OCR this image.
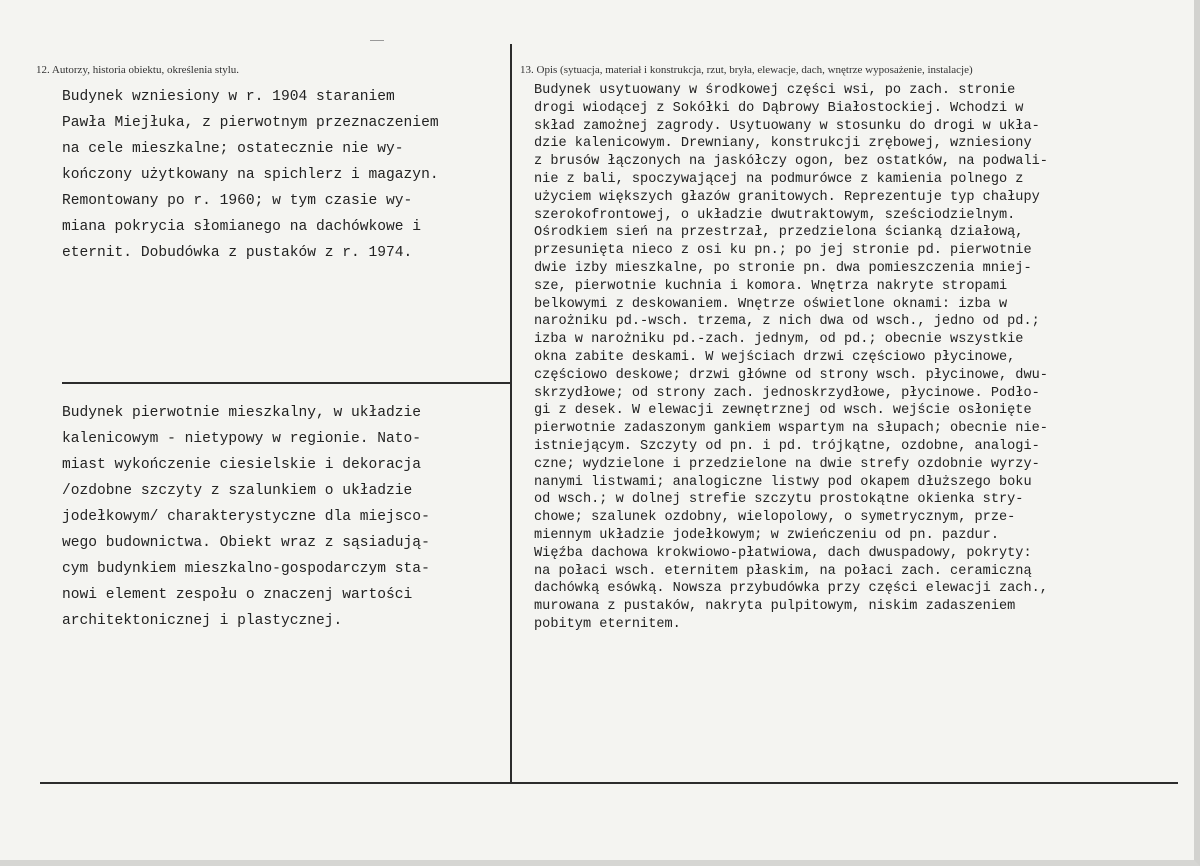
12. Autorzy, historia obiektu, określenia stylu.	13. Opis (sytuacja, materiał i konstrukcja, rzut, bryła, elewacje, dach, wnętrze wyposażenie, instalacje)
Budynek wzniesiony w r. 1904 staraniem
Pawła Miejłuka, z pierwotnym przeznaczeniem
na cele mieszkalne; ostatecznie nie wy-
kończony użytkowany na spichlerz i magazyn.
Remontowany po r. 1960; w tym czasie wy-
miana pokrycia słomianego na dachówkowe i
eternit. Dobudówka z pustaków z r. 1974.
Budynek pierwotnie mieszkalny, w układzie
kalenicowym - nietypowy w regionie. Nato-
miast wykończenie ciesielskie i dekoracja
/ozdobne szczyty z szalunkiem o układzie
jodełkowym/ charakterystyczne dla miejsco-
wego budownictwa. Obiekt wraz z sąsiadują-
cym budynkiem mieszkalno-gospodarczym sta-
nowi element zespołu o znaczenj wartości
architektonicznej i plastycznej.
Budynek usytuowany w środkowej części wsi, po zach. stronie
drogi wiodącej z Sokółki do Dąbrowy Białostockiej. Wchodzi w
skład zamożnej zagrody. Usytuowany w stosunku do drogi w ukła-
dzie kalenicowym. Drewniany, konstrukcji zrębowej, wzniesiony
z brusów łączonych na jaskółczy ogon, bez ostatków, na podwali-
nie z bali, spoczywającej na podmurówce z kamienia polnego z
użyciem większych głazów granitowych. Reprezentuje typ chałupy
szerokofrontowej, o układzie dwutraktowym, sześciodzielnym.
Ośrodkiem sień na przestrzał, przedzielona ścianką działową,
przesunięta nieco z osi ku pn.; po jej stronie pd. pierwotnie
dwie izby mieszkalne, po stronie pn. dwa pomieszczenia mniej-
sze, pierwotnie kuchnia i komora. Wnętrza nakryte stropami
belkowymi z deskowaniem. Wnętrze oświetlone oknami: izba w
narożniku pd.-wsch. trzema, z nich dwa od wsch., jedno od pd.;
izba w narożniku pd.-zach. jednym, od pd.; obecnie wszystkie
okna zabite deskami. W wejściach drzwi częściowo płycinowe,
częściowo deskowe; drzwi główne od strony wsch. płycinowe, dwu-
skrzydłowe; od strony zach. jednoskrzydłowe, płycinowe. Podło-
gi z desek. W elewacji zewnętrznej od wsch. wejście osłonięte
pierwotnie zadaszonym gankiem wspartym na słupach; obecnie nie-
istniejącym. Szczyty od pn. i pd. trójkątne, ozdobne, analogi-
czne; wydzielone i przedzielone na dwie strefy ozdobnie wyrzy-
nanymi listwami; analogiczne listwy pod okapem dłuższego boku
od wsch.; w dolnej strefie szczytu prostokątne okienka stry-
chowe; szalunek ozdobny, wielopolowy, o symetrycznym, prze-
miennym układzie jodełkowym; w zwieńczeniu od pn. pazdur.
Więźba dachowa krokwiowo-płatwiowa, dach dwuspadowy, pokryty:
na połaci wsch. eternitem płaskim, na połaci zach. ceramiczną
dachówką esówką. Nowsza przybudówka przy części elewacji zach.,
murowana z pustaków, nakryta pulpitowym, niskim zadaszeniem
pobitym eternitem.
